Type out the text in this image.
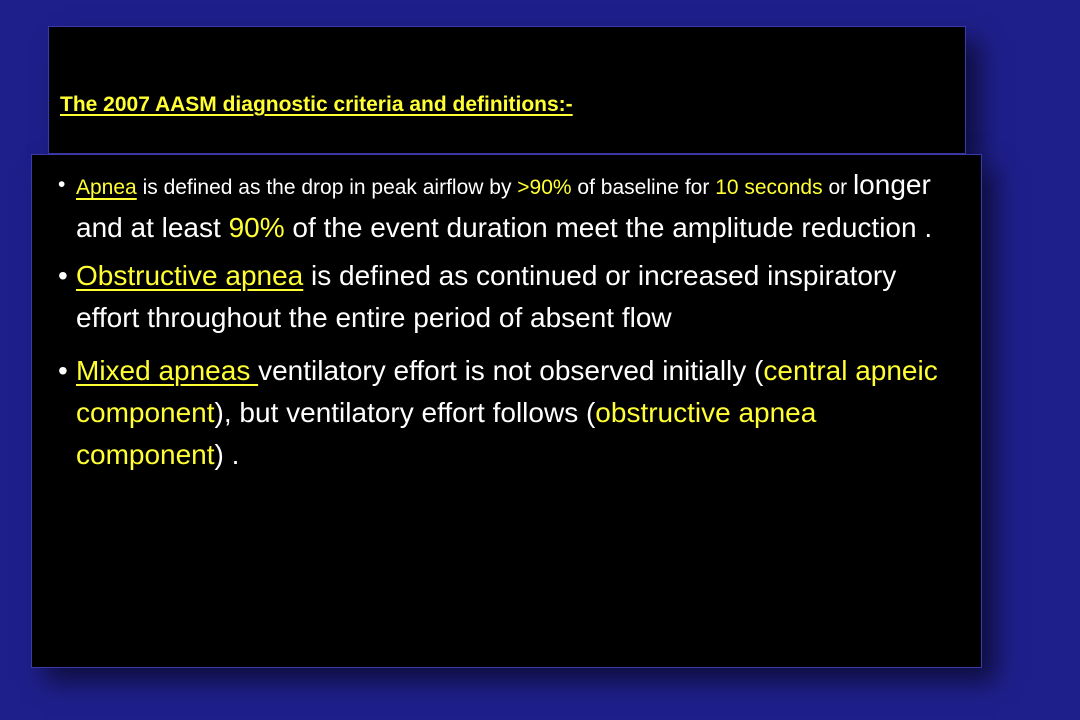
The 2007 AASM diagnostic criteria and definitions:-
• Apnea is defined as the drop in peak airflow by >90% of baseline for 10 seconds or longer and at least 90% of the event duration meet the amplitude reduction .
• Obstructive apnea is defined as continued or increased inspiratory effort throughout the entire period of absent flow
• Mixed apneas ventilatory effort is not observed initially (central apneic component), but ventilatory effort follows (obstructive apnea component) .
